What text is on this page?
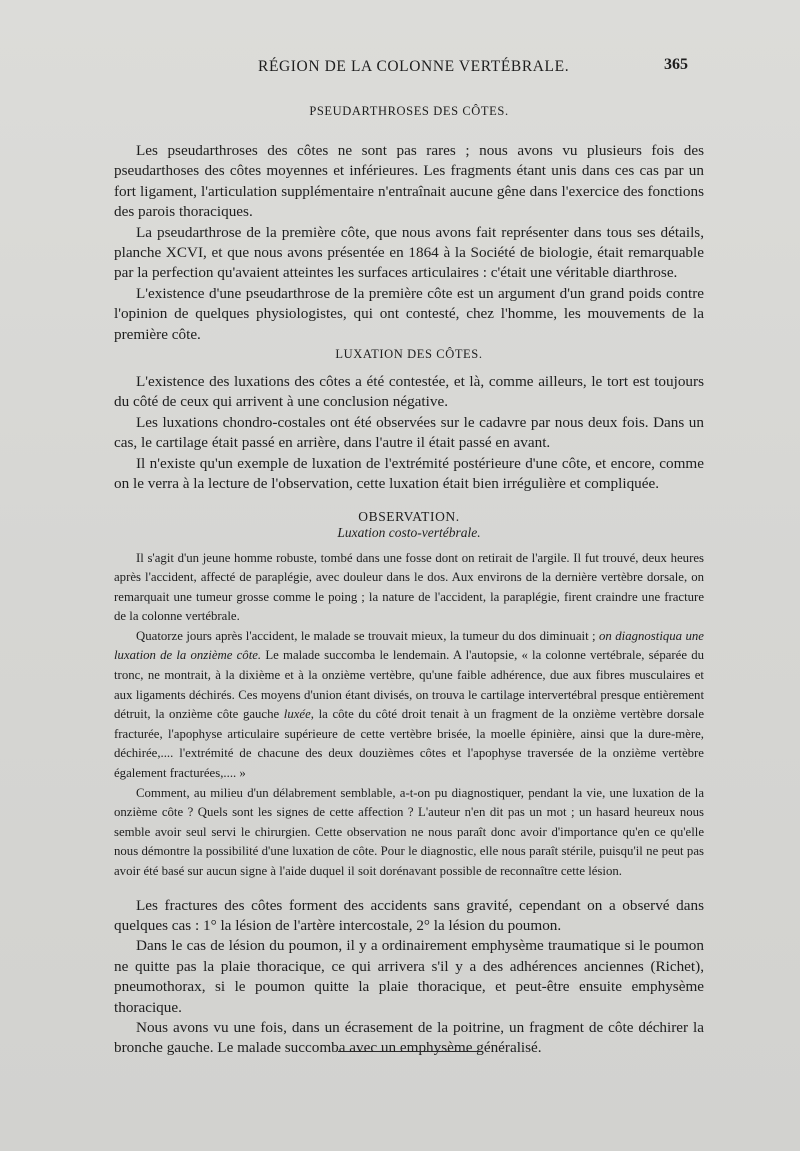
RÉGION DE LA COLONNE VERTÉBRALE.	365
PSEUDARTHROSES DES CÔTES.

Les pseudarthroses des côtes ne sont pas rares ; nous avons vu plusieurs fois des pseudarthoses des côtes moyennes et inférieures. Les fragments étant unis dans ces cas par un fort ligament, l'articulation supplémentaire n'entraînait aucune gêne dans l'exercice des fonctions des parois thoraciques.

La pseudarthrose de la première côte, que nous avons fait représenter dans tous ses détails, planche XCVI, et que nous avons présentée en 1864 à la Société de biologie, était remarquable par la perfection qu'avaient atteintes les surfaces articulaires : c'était une véritable diarthrose.

L'existence d'une pseudarthrose de la première côte est un argument d'un grand poids contre l'opinion de quelques physiologistes, qui ont contesté, chez l'homme, les mouvements de la première côte.

LUXATION DES CÔTES.

L'existence des luxations des côtes a été contestée, et là, comme ailleurs, le tort est toujours du côté de ceux qui arrivent à une conclusion négative.

Les luxations chondro-costales ont été observées sur le cadavre par nous deux fois. Dans un cas, le cartilage était passé en arrière, dans l'autre il était passé en avant.

Il n'existe qu'un exemple de luxation de l'extrémité postérieure d'une côte, et encore, comme on le verra à la lecture de l'observation, cette luxation était bien irrégulière et compliquée.

OBSERVATION.

Luxation costo-vertébrale.

Il s'agit d'un jeune homme robuste, tombé dans une fosse dont on retirait de l'argile. Il fut trouvé, deux heures après l'accident, affecté de paraplégie, avec douleur dans le dos. Aux environs de la dernière vertèbre dorsale, on remarquait une tumeur grosse comme le poing ; la nature de l'accident, la paraplégie, firent craindre une fracture de la colonne vertébrale.

Quatorze jours après l'accident, le malade se trouvait mieux, la tumeur du dos diminuait ; on diagnostiqua une luxation de la onzième côte. Le malade succomba le lendemain. A l'autopsie, « la colonne vertébrale, séparée du tronc, ne montrait, à la dixième et à la onzième vertèbre, qu'une faible adhérence, due aux fibres musculaires et aux ligaments déchirés. Ces moyens d'union étant divisés, on trouva le cartilage intervertébral presque entièrement détruit, la onzième côte gauche luxée, la côte du côté droit tenait à un fragment de la onzième vertèbre dorsale fracturée, l'apophyse articulaire supérieure de cette vertèbre brisée, la moelle épinière, ainsi que la dure-mère, déchirée,.... l'extrémité de chacune des deux douzièmes côtes et l'apophyse traversée de la onzième vertèbre également fracturées,.... »

Comment, au milieu d'un délabrement semblable, a-t-on pu diagnostiquer, pendant la vie, une luxation de la onzième côte ? Quels sont les signes de cette affection ? L'auteur n'en dit pas un mot ; un hasard heureux nous semble avoir seul servi le chirurgien. Cette observation ne nous paraît donc avoir d'importance qu'en ce qu'elle nous démontre la possibilité d'une luxation de côte. Pour le diagnostic, elle nous paraît stérile, puisqu'il ne peut pas avoir été basé sur aucun signe à l'aide duquel il soit dorénavant possible de reconnaître cette lésion.

Les fractures des côtes forment des accidents sans gravité, cependant on a observé dans quelques cas : 1° la lésion de l'artère intercostale, 2° la lésion du poumon.

Dans le cas de lésion du poumon, il y a ordinairement emphysème traumatique si le poumon ne quitte pas la plaie thoracique, ce qui arrivera s'il y a des adhérences anciennes (Richet), pneumothorax, si le poumon quitte la plaie thoracique, et peut-être ensuite emphysème thoracique.

Nous avons vu une fois, dans un écrasement de la poitrine, un fragment de côte déchirer la bronche gauche. Le malade succomba avec un emphysème généralisé.
